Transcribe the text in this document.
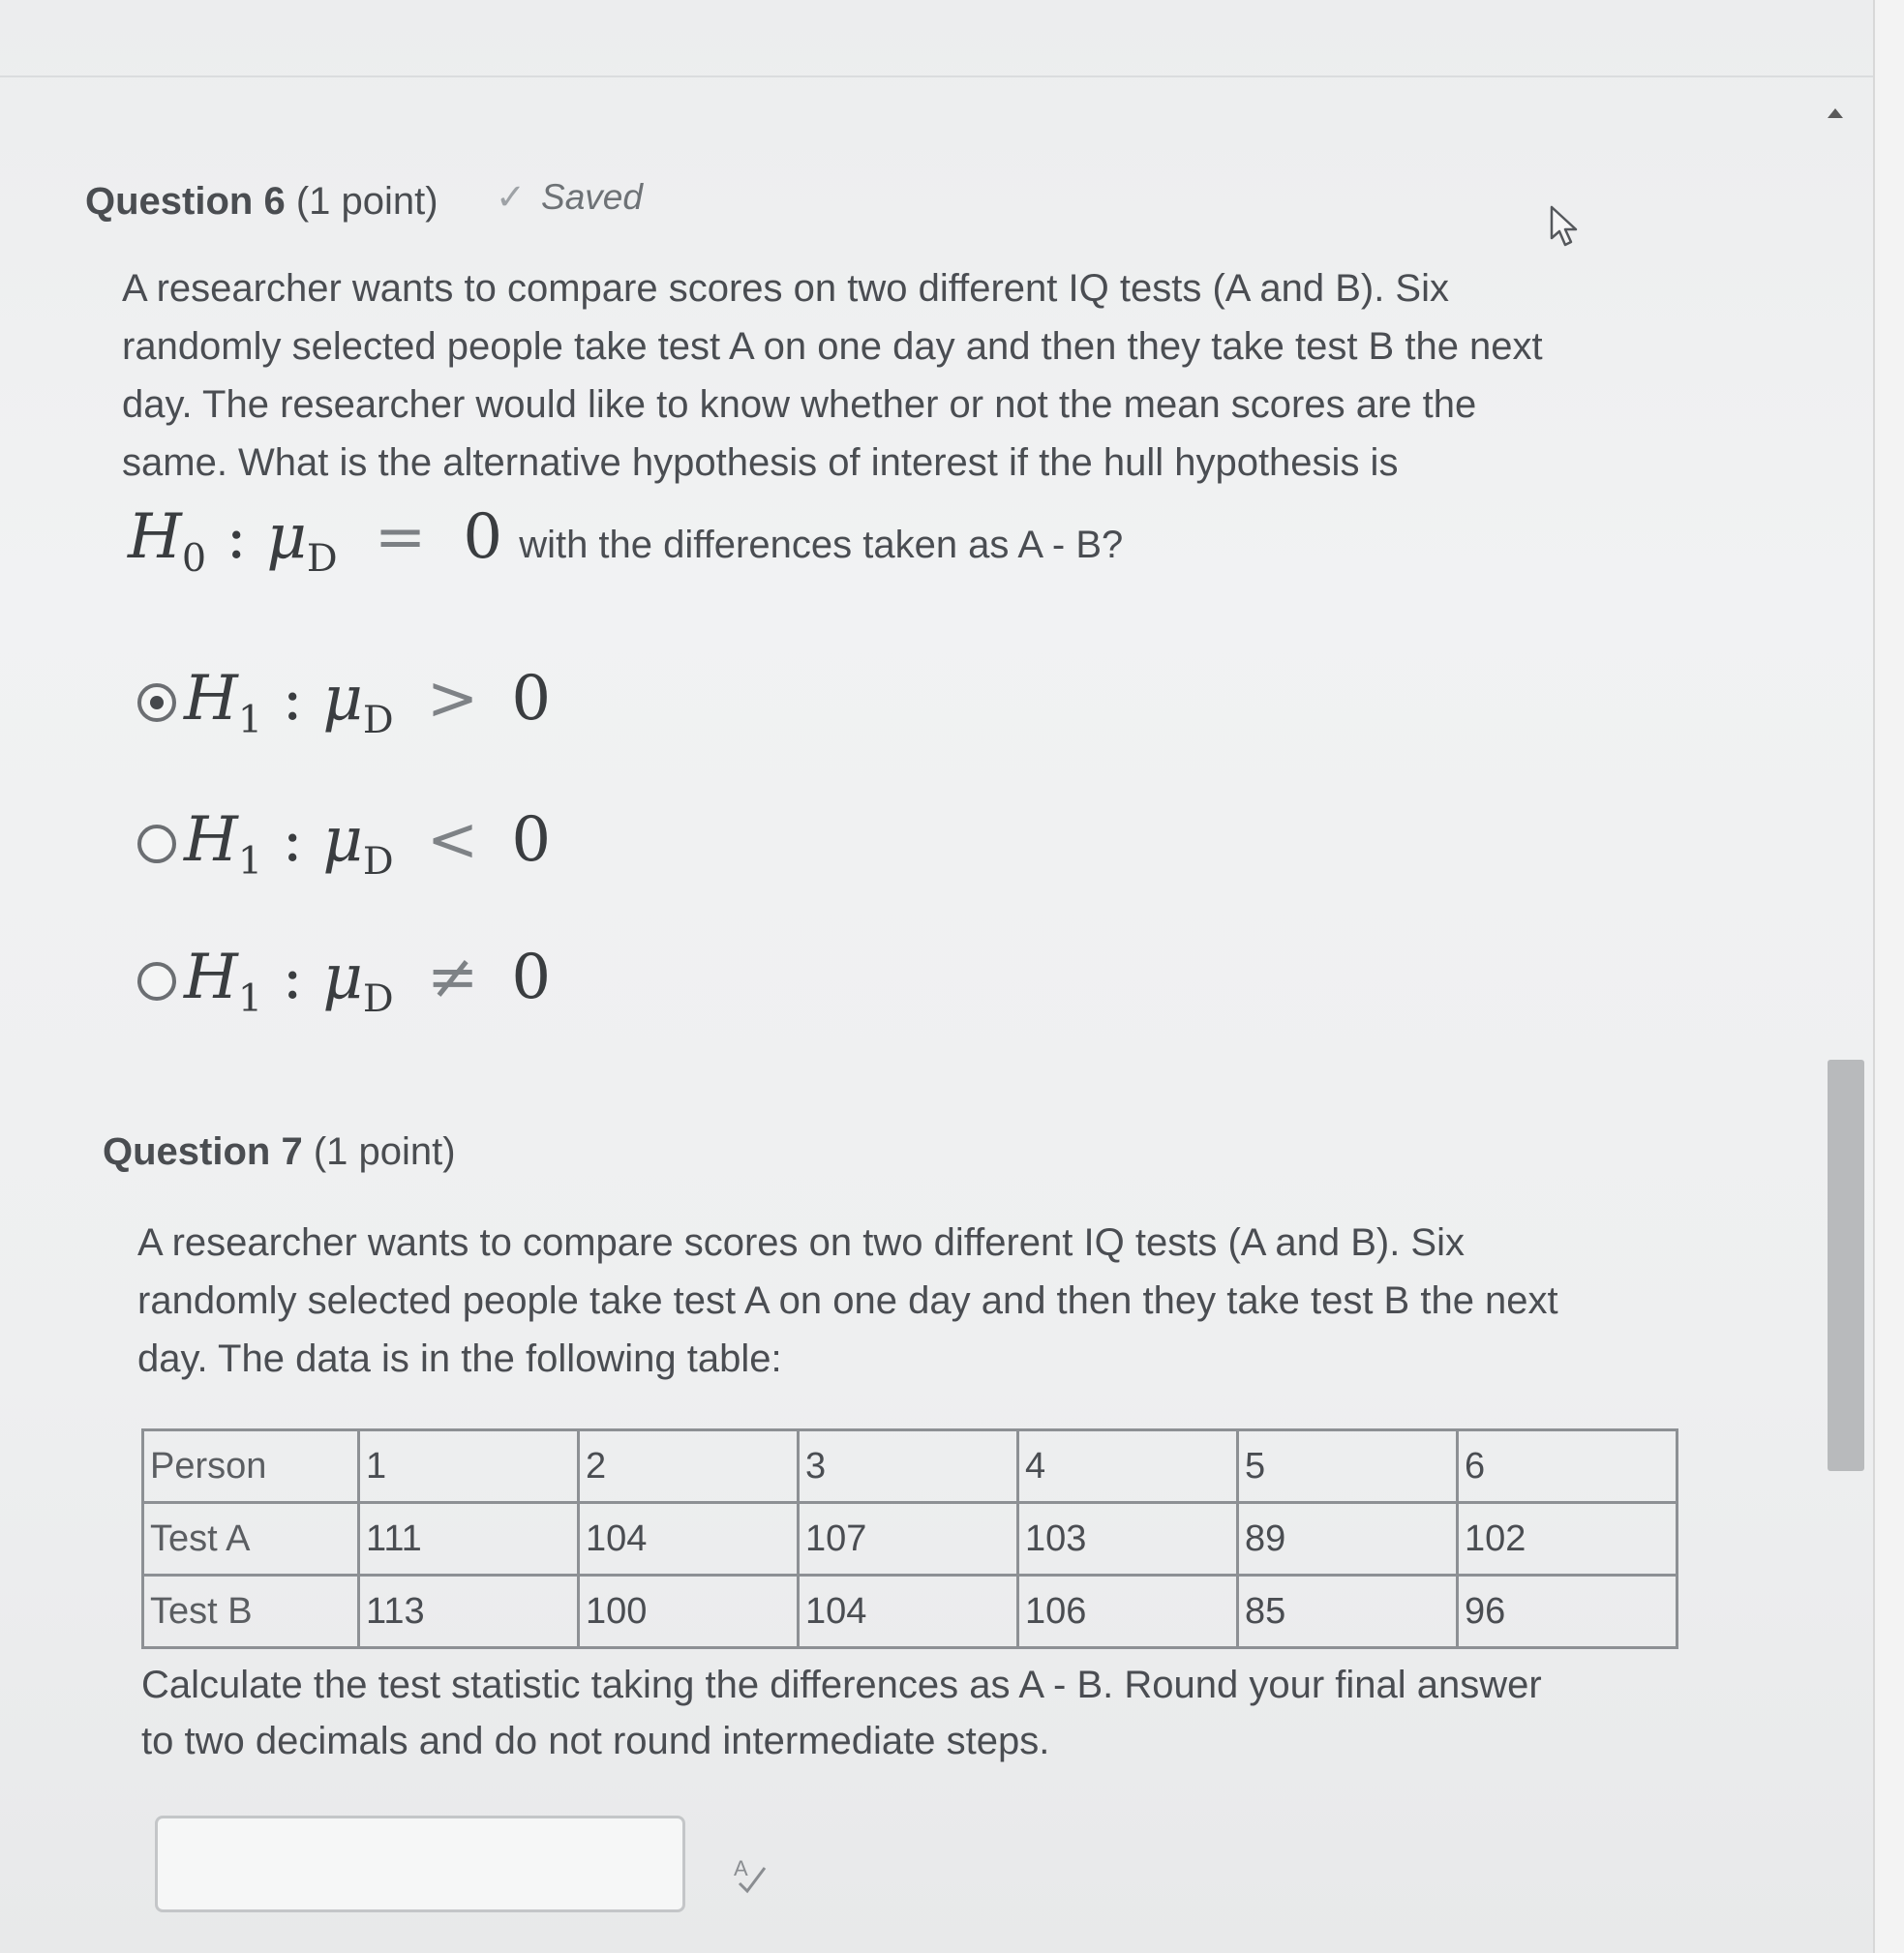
Question 6 (1 point) ✓ Saved
A researcher wants to compare scores on two different IQ tests (A and B). Six
randomly selected people take test A on one day and then they take test B the next
day. The researcher would like to know whether or not the mean scores are the
same. What is the alternative hypothesis of interest if the hull hypothesis is
$H_0$ : $\mu_D = 0$ with the differences taken as A - B?
$H_1$ : $\mu_D > 0$
$H_1$ : $\mu_D < 0$
$H_1$ : $\mu_D \ne 0$
Question 7 (1 point)
A researcher wants to compare scores on two different IQ tests (A and B). Six
randomly selected people take test A on one day and then they take test B the next
day. The data is in the following table:
Person	1	2	3	4	5	6
Test A	111	104	107	103	89	102
Test B	113	100	104	106	85	96
Calculate the test statistic taking the differences as A - B. Round your final answer
to two decimals and do not round intermediate steps.
A
